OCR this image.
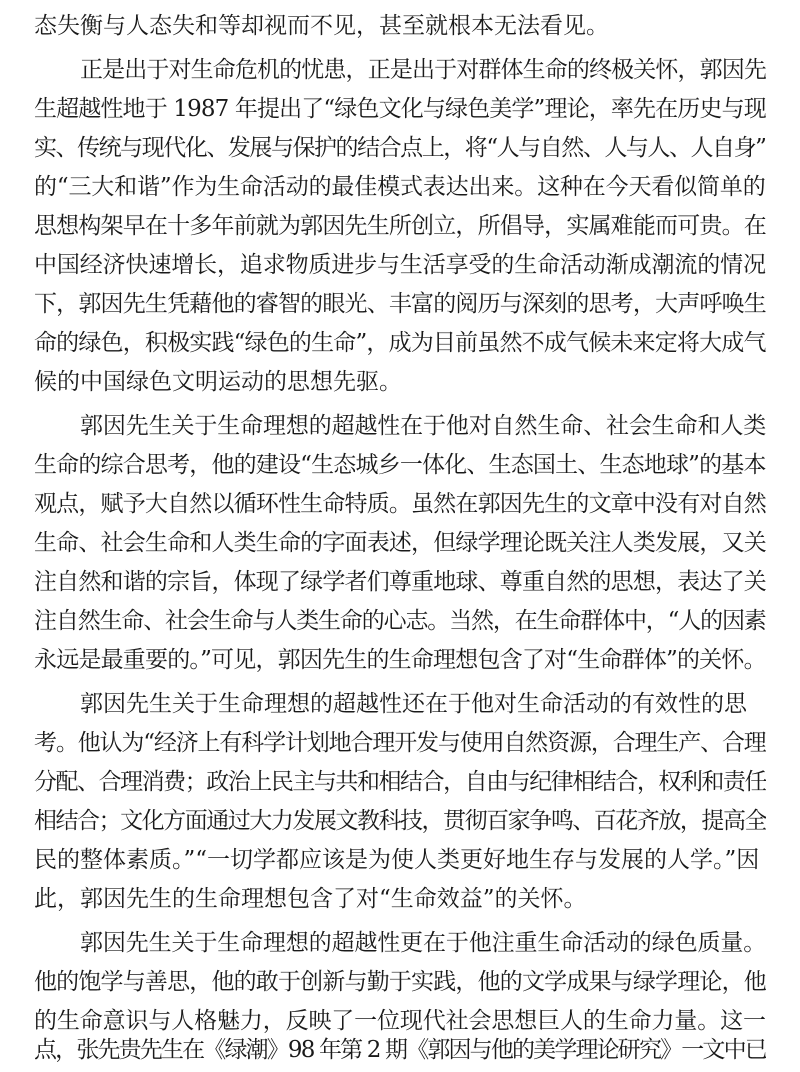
态失衡与人态失和等却视而不见，甚至就根本无法看见。
正是出于对生命危机的忧患，正是出于对群体生命的终极关怀，郭因先
生超越性地于 1987 年提出了“绿色文化与绿色美学”理论，率先在历史与现
实、传统与现代化、发展与保护的结合点上，将“人与自然、人与人、人自身”
的“三大和谐”作为生命活动的最佳模式表达出来。这种在今天看似简单的
思想构架早在十多年前就为郭因先生所创立，所倡导，实属难能而可贵。在
中国经济快速增长，追求物质进步与生活享受的生命活动渐成潮流的情况
下，郭因先生凭藉他的睿智的眼光、丰富的阅历与深刻的思考，大声呼唤生
命的绿色，积极实践“绿色的生命”，成为目前虽然不成气候未来定将大成气
候的中国绿色文明运动的思想先驱。
郭因先生关于生命理想的超越性在于他对自然生命、社会生命和人类
生命的综合思考，他的建设“生态城乡一体化、生态国土、生态地球”的基本
观点，赋予大自然以循环性生命特质。虽然在郭因先生的文章中没有对自然
生命、社会生命和人类生命的字面表述，但绿学理论既关注人类发展，又关
注自然和谐的宗旨，体现了绿学者们尊重地球、尊重自然的思想，表达了关
注自然生命、社会生命与人类生命的心志。当然，在生命群体中，“人的因素
永远是最重要的。”可见，郭因先生的生命理想包含了对“生命群体”的关怀。
郭因先生关于生命理想的超越性还在于他对生命活动的有效性的思
考。他认为“经济上有科学计划地合理开发与使用自然资源，合理生产、合理
分配、合理消费；政治上民主与共和相结合，自由与纪律相结合，权利和责任
相结合；文化方面通过大力发展文教科技，贯彻百家争鸣、百花齐放，提高全
民的整体素质。”“一切学都应该是为使人类更好地生存与发展的人学。”因
此，郭因先生的生命理想包含了对“生命效益”的关怀。
郭因先生关于生命理想的超越性更在于他注重生命活动的绿色质量。
他的饱学与善思，他的敢于创新与勤于实践，他的文学成果与绿学理论，他
的生命意识与人格魅力，反映了一位现代社会思想巨人的生命力量。这一
点，张先贵先生在《绿潮》98 年第 2 期《郭因与他的美学理论研究》一文中已
